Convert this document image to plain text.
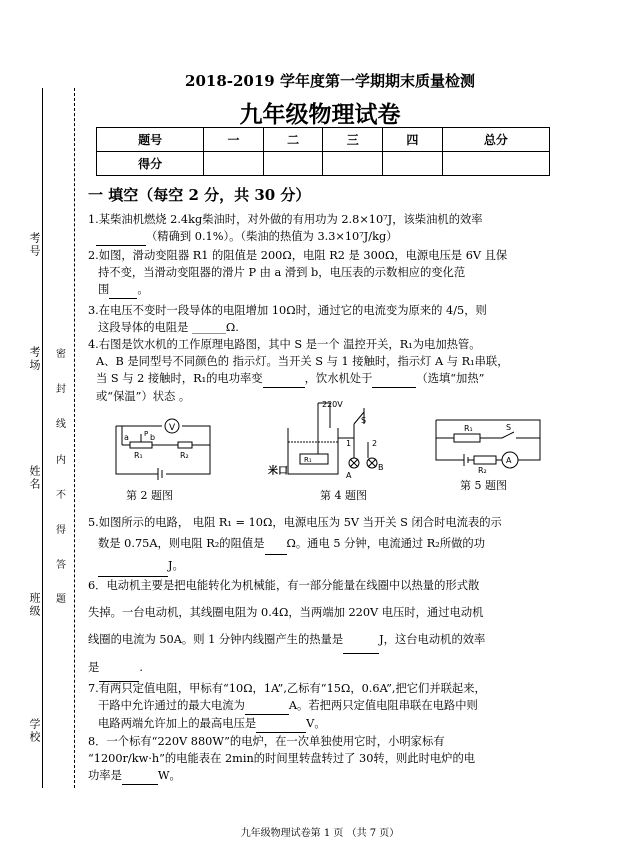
考号
考场
姓名
班级
学校
密
封
线
内
不
得
答
题
2018-2019 学年度第一学期期末质量检测
九年级物理试卷
题号	一	二	三	四	总分
得分					
一 填空（每空 2 分，共 30 分）
1.某柴油机燃烧 2.4kg柴油时，对外做的有用功为 2.8×10⁷J，该柴油机的效率
（精确到 0.1%）。（柴油的热值为 3.3×10⁷J/kg）
2.如图，滑动变阻器 R1 的阻值是 200Ω，电阻 R2 是 300Ω，电源电压是 6V 且保
持不变，当滑动变阻器的滑片 P 由 a 滑到 b，电压表的示数相应的变化范
围 。
3.在电压不变时一段导体的电阻增加 10Ω时，通过它的电流变为原来的 4/5，则
这段导体的电阻是 ______Ω.
4.右图是饮水机的工作原理电路图，其中 S 是一个 温控开关，R₁为电加热管。
A、B 是同型号不同颜色的 指示灯。当开关 S 与 1 接触时，指示灯 A 与 R₁串联，
当 S 与 2 接触时，R₁的电功率变	，饮水机处于	（选填“加热”
或“保温”）状态 。
V
a
R₁
b
P
R₂
第 2 题图
220V
S
1	2
A
B
R₁
米口
第 4 题图
R₁	S
R₂
A
第 5 题图
5.如图所示的电路， 电阻 R₁ = 10Ω，电源电压为 5V 当开关 S 闭合时电流表的示
数是 0.75A，则电阻 R₂的阻值是 Ω。通电 5 分钟，电流通过 R₂所做的功
J。
6．电动机主要是把电能转化为机械能，有一部分能量在线圈中以热量的形式散
失掉。一台电动机，其线圈电阻为 0.4Ω，当两端加 220V 电压时，通过电动机
线圈的电流为 50A。则 1 分钟内线圈产生的热量是	J，这台电动机的效率
是	.
7.有两只定值电阻，甲标有“10Ω，1A”,乙标有“15Ω，0.6A”,把它们并联起来，
干路中允许通过的最大电流为	A。若把两只定值电阻串联在电路中则
电路两端允许加上的最高电压是	V。
8．一个标有“220V 880W”的电炉，在一次单独使用它时，小明家标有
“1200r/kw·h”的电能表在 2min的时间里转盘转过了 30转，则此时电炉的电
功率是	W。
九年级物理试卷第 1 页 （共 7 页）
